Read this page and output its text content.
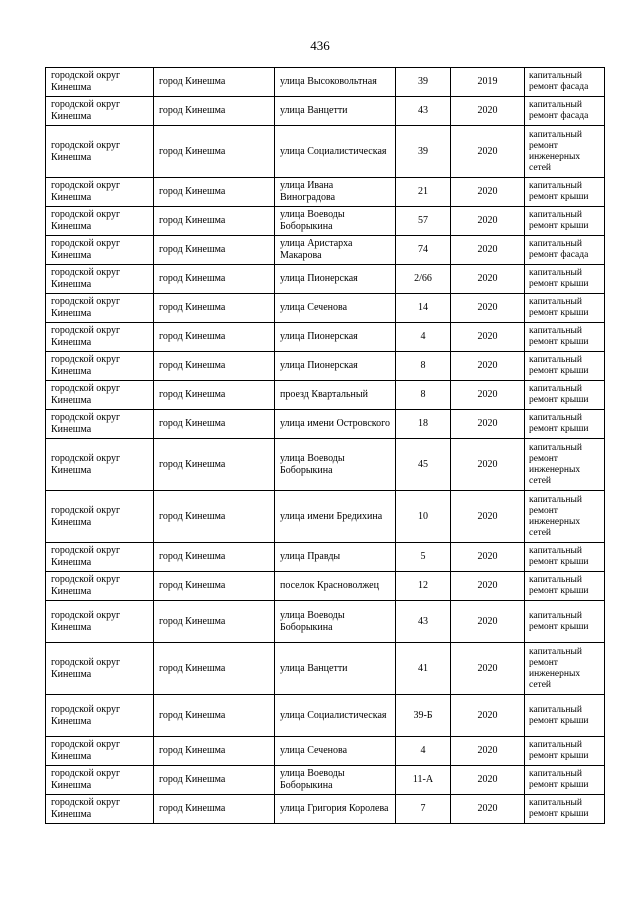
436
городской округ Кинешма	город Кинешма	улица Высоковольтная	39	2019	капитальный ремонт фасада
городской округ Кинешма	город Кинешма	улица Ванцетти	43	2020	капитальный ремонт фасада
городской округ Кинешма	город Кинешма	улица Социалистическая	39	2020	капитальный ремонт инженерных сетей
городской округ Кинешма	город Кинешма	улица Ивана Виноградова	21	2020	капитальный ремонт крыши
городской округ Кинешма	город Кинешма	улица Воеводы Боборыкина	57	2020	капитальный ремонт крыши
городской округ Кинешма	город Кинешма	улица Аристарха Макарова	74	2020	капитальный ремонт фасада
городской округ Кинешма	город Кинешма	улица Пионерская	2/66	2020	капитальный ремонт крыши
городской округ Кинешма	город Кинешма	улица Сеченова	14	2020	капитальный ремонт крыши
городской округ Кинешма	город Кинешма	улица Пионерская	4	2020	капитальный ремонт крыши
городской округ Кинешма	город Кинешма	улица Пионерская	8	2020	капитальный ремонт крыши
городской округ Кинешма	город Кинешма	проезд Квартальный	8	2020	капитальный ремонт крыши
городской округ Кинешма	город Кинешма	улица имени Островского	18	2020	капитальный ремонт крыши
городской округ Кинешма	город Кинешма	улица Воеводы Боборыкина	45	2020	капитальный ремонт инженерных сетей
городской округ Кинешма	город Кинешма	улица имени Бредихина	10	2020	капитальный ремонт инженерных сетей
городской округ Кинешма	город Кинешма	улица Правды	5	2020	капитальный ремонт крыши
городской округ Кинешма	город Кинешма	поселок Красноволжец	12	2020	капитальный ремонт крыши
городской округ Кинешма	город Кинешма	улица Воеводы Боборыкина	43	2020	капитальный ремонт крыши
городской округ Кинешма	город Кинешма	улица Ванцетти	41	2020	капитальный ремонт инженерных сетей
городской округ Кинешма	город Кинешма	улица Социалистическая	39-Б	2020	капитальный ремонт крыши
городской округ Кинешма	город Кинешма	улица Сеченова	4	2020	капитальный ремонт крыши
городской округ Кинешма	город Кинешма	улица Воеводы Боборыкина	11-А	2020	капитальный ремонт крыши
городской округ Кинешма	город Кинешма	улица Григория Королева	7	2020	капитальный ремонт крыши
